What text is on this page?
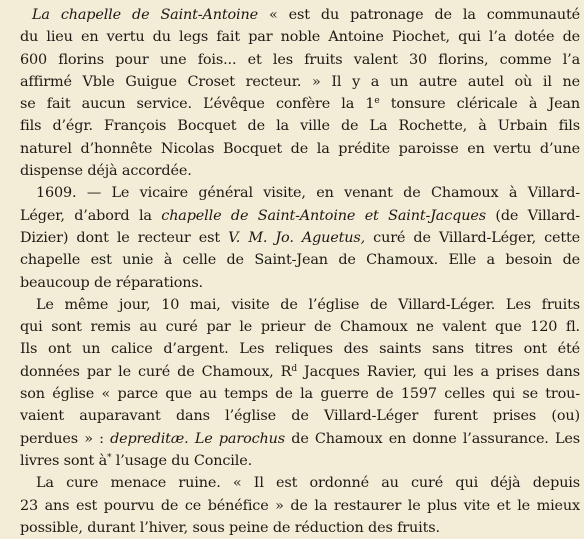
La chapelle de Saint-Antoine « est du patronage de la communauté
du lieu en vertu du legs fait par noble Antoine Piochet, qui l’a dotée de
600 florins pour une fois... et les fruits valent 30 florins, comme l’a
affirmé Vble Guigue Croset recteur. » Il y a un autre autel où il ne
se fait aucun service. L’évêque confère la 1e tonsure cléricale à Jean
fils d’égr. François Bocquet de la ville de La Rochette, à Urbain fils
naturel d’honnête Nicolas Bocquet de la prédite paroisse en vertu d’une
dispense déjà accordée.
1609. — Le vicaire général visite, en venant de Chamoux à Villard-
Léger, d’abord la chapelle de Saint-Antoine et Saint-Jacques (de Villard-
Dizier) dont le recteur est V. M. Jo. Aguetus, curé de Villard-Léger, cette
chapelle est unie à celle de Saint-Jean de Chamoux. Elle a besoin de
beaucoup de réparations.
Le même jour, 10 mai, visite de l’église de Villard-Léger. Les fruits
qui sont remis au curé par le prieur de Chamoux ne valent que 120 fl.
Ils ont un calice d’argent. Les reliques des saints sans titres ont été
données par le curé de Chamoux, $R^d$ Jacques Ravier, qui les a prises dans
son église « parce que au temps de la guerre de 1597 celles qui se trou-
vaient auparavant dans l’église de Villard-Léger furent prises (ou)
perdues » : depreditæ. Le parochus de Chamoux en donne l’assurance. Les
livres sont à* l’usage du Concile.
La cure menace ruine. « Il est ordonné au curé qui déjà depuis
23 ans est pourvu de ce bénéfice » de la restaurer le plus vite et le mieux
possible, durant l’hiver, sous peine de réduction des fruits.
